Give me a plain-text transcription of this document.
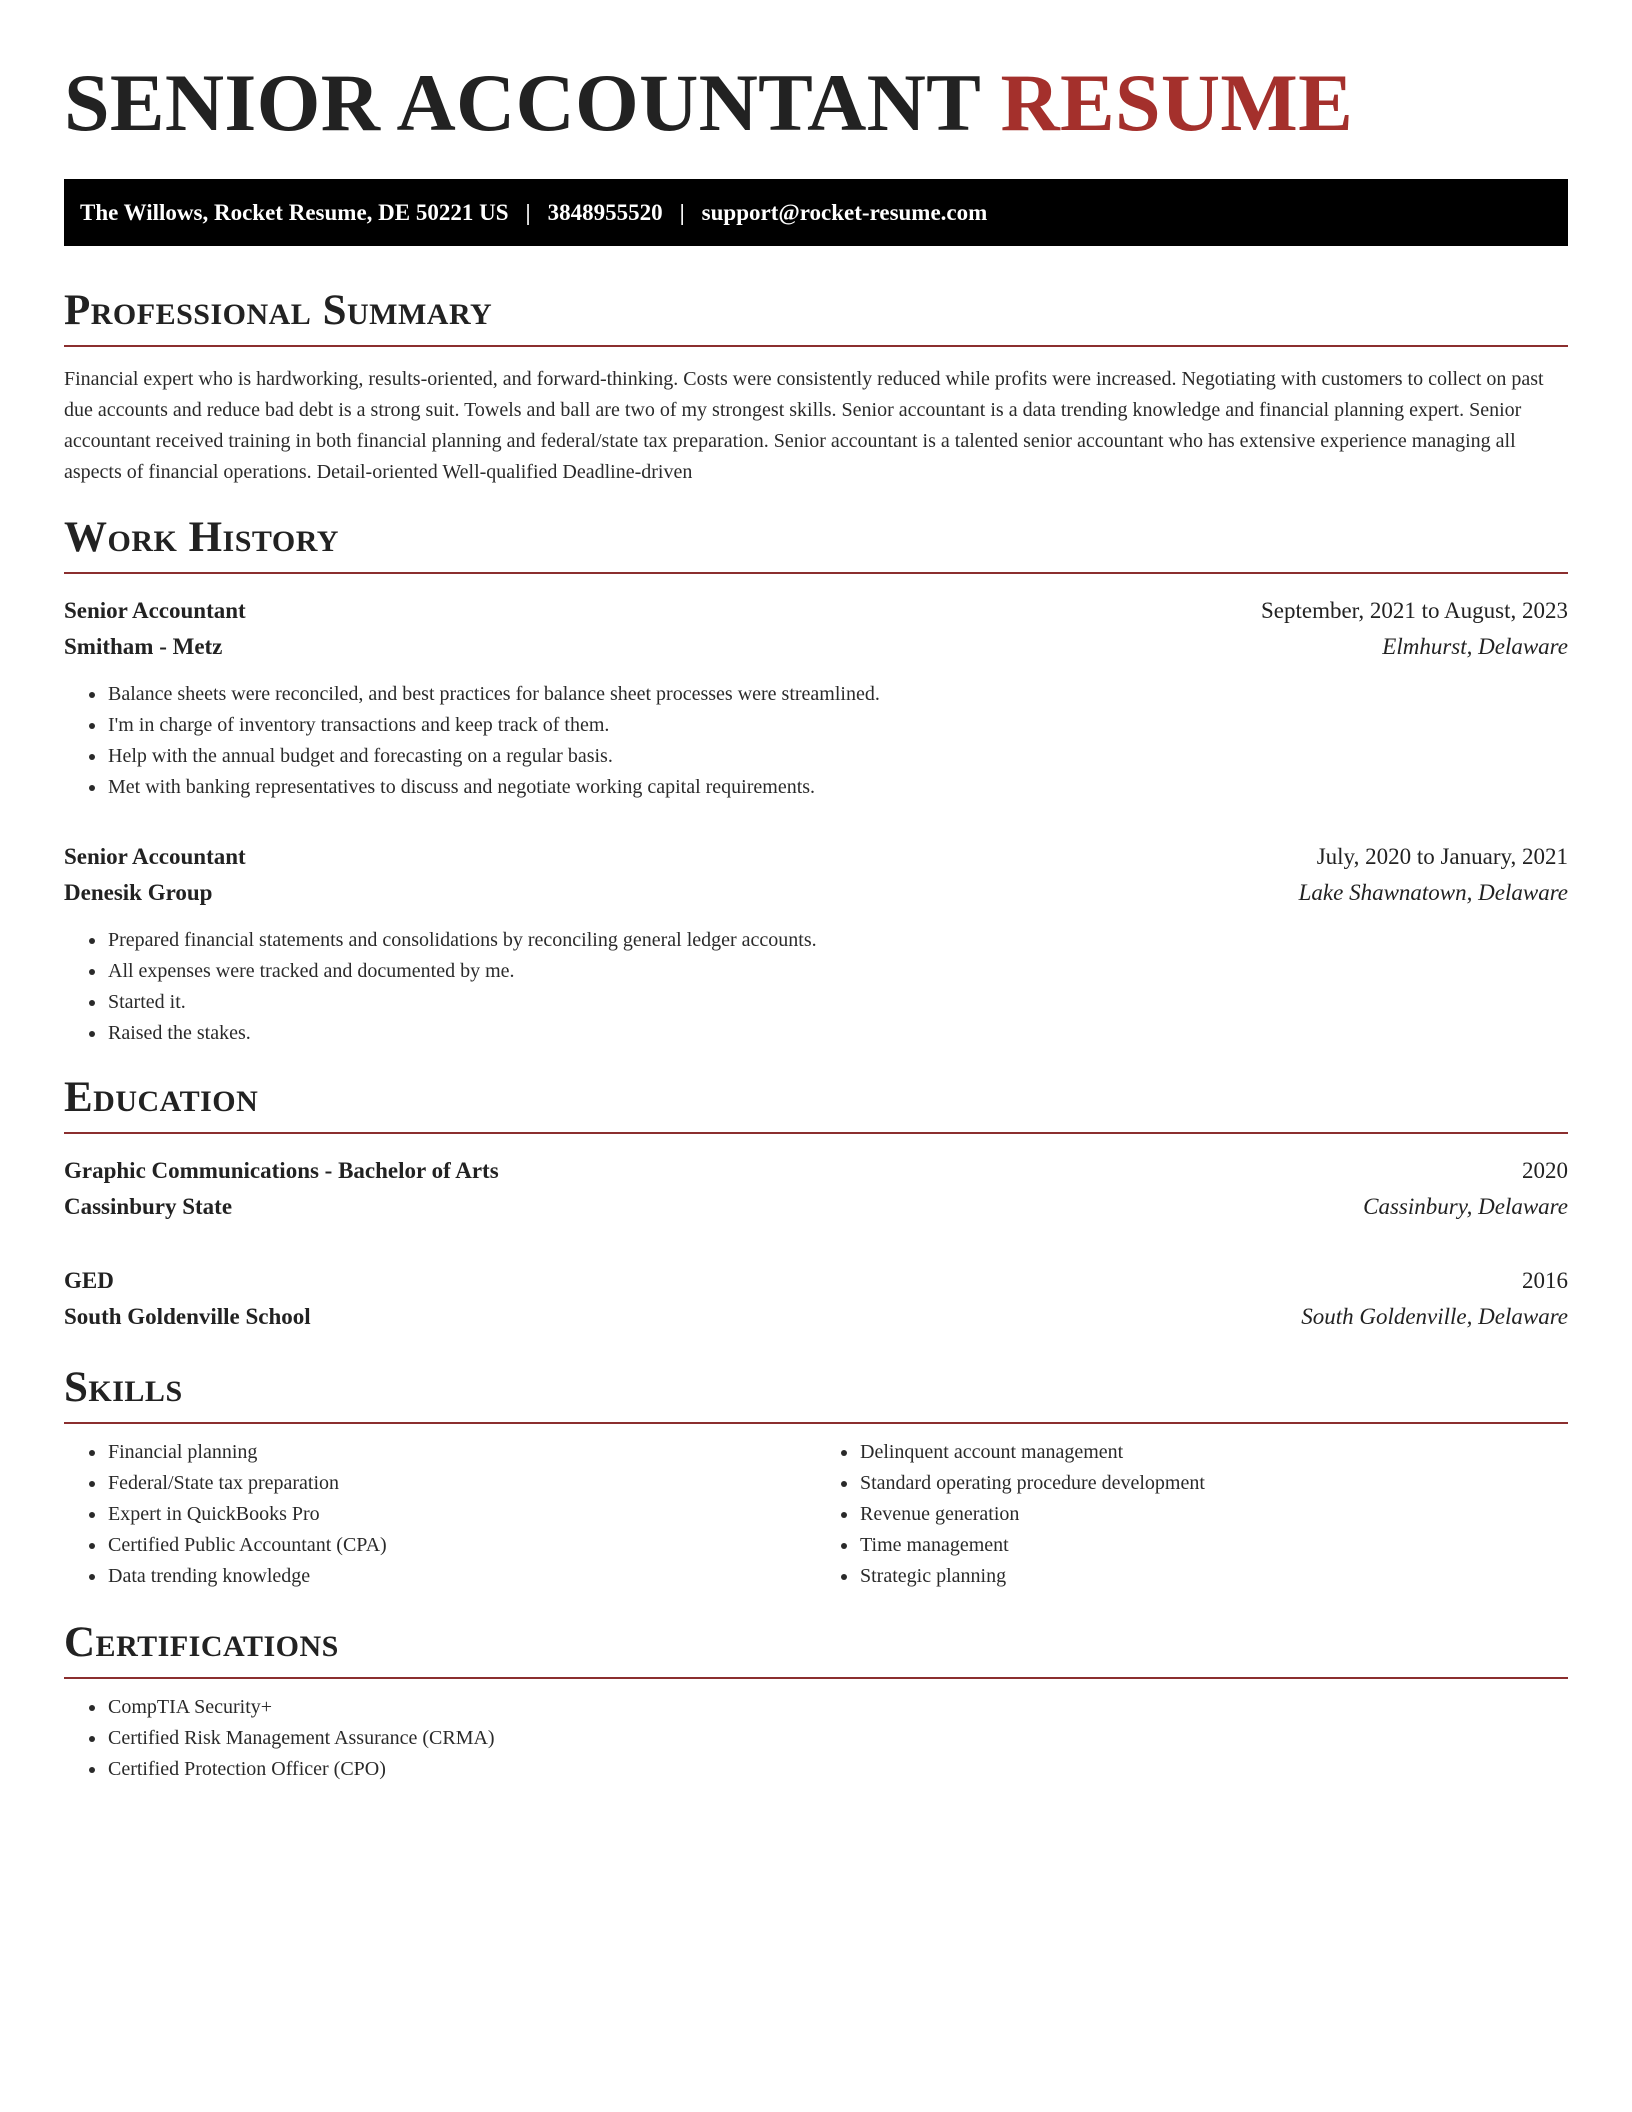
SENIOR ACCOUNTANT RESUME
The Willows, Rocket Resume, DE 50221 US | 3848955520 | support@rocket-resume.com
Professional Summary

Financial expert who is hardworking, results-oriented, and forward-thinking. Costs were consistently reduced while profits were increased. Negotiating with customers to collect on past due accounts and reduce bad debt is a strong suit. Towels and ball are two of my strongest skills. Senior accountant is a data trending knowledge and financial planning expert. Senior accountant received training in both financial planning and federal/state tax preparation. Senior accountant is a talented senior accountant who has extensive experience managing all aspects of financial operations. Detail-oriented Well-qualified Deadline-driven

Work History
Senior Accountant	September, 2021 to August, 2023
Smitham - Metz	Elmhurst, Delaware
• Balance sheets were reconciled, and best practices for balance sheet processes were streamlined.
• I'm in charge of inventory transactions and keep track of them.
• Help with the annual budget and forecasting on a regular basis.
• Met with banking representatives to discuss and negotiate working capital requirements.
Senior Accountant	July, 2020 to January, 2021
Denesik Group	Lake Shawnatown, Delaware
• Prepared financial statements and consolidations by reconciling general ledger accounts.
• All expenses were tracked and documented by me.
• Started it.
• Raised the stakes.
Education
Graphic Communications - Bachelor of Arts	2020
Cassinbury State	Cassinbury, Delaware
GED	2016
South Goldenville School	South Goldenville, Delaware
Skills
• Financial planning
• Federal/State tax preparation
• Expert in QuickBooks Pro
• Certified Public Accountant (CPA)
• Data trending knowledge
• Delinquent account management
• Standard operating procedure development
• Revenue generation
• Time management
• Strategic planning
Certifications
• CompTIA Security+
• Certified Risk Management Assurance (CRMA)
• Certified Protection Officer (CPO)
